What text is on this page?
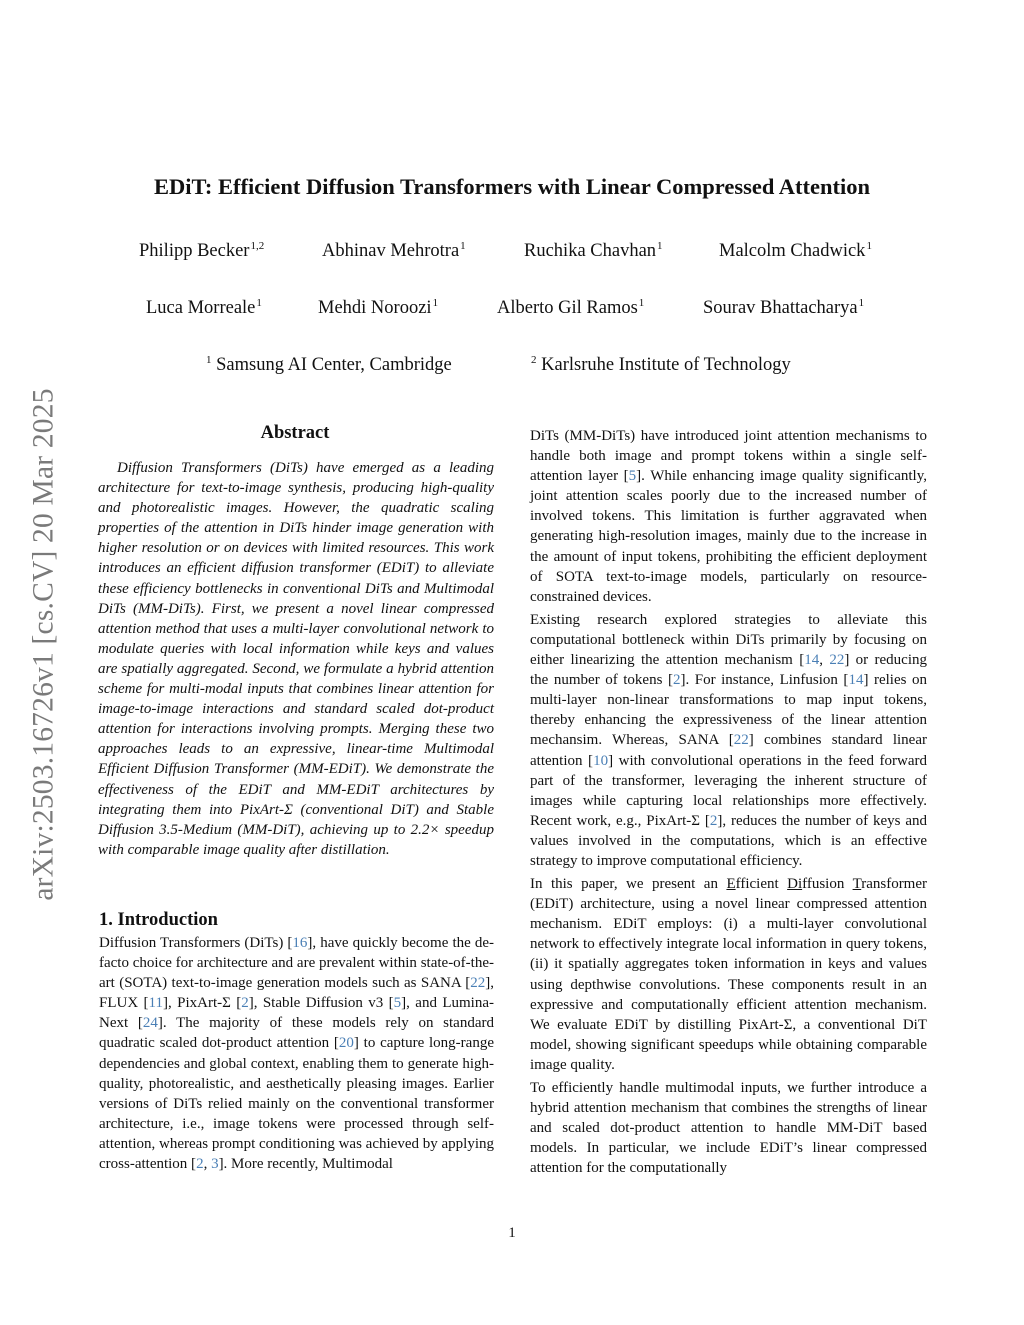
arXiv:2503.16726v1 [cs.CV] 20 Mar 2025
EDiT: Efficient Diffusion Transformers with Linear Compressed Attention
Philipp Becker$^{1,2}$	Abhinav Mehrotra$^1$	Ruchika Chavhan$^1$	Malcolm Chadwick$^1$
Luca Morreale$^1$	Mehdi Noroozi$^1$	Alberto Gil Ramos$^1$	Sourav Bhattacharya$^1$
$^1$ Samsung AI Center, Cambridge	$^2$ Karlsruhe Institute of Technology
Abstract
Diffusion Transformers (DiTs) have emerged as a leading architecture for text-to-image synthesis, producing high-quality and photorealistic images. However, the quadratic scaling properties of the attention in DiTs hinder image generation with higher resolution or on devices with limited resources. This work introduces an efficient diffusion transformer (EDiT) to alleviate these efficiency bottlenecks in conventional DiTs and Multimodal DiTs (MM-DiTs). First, we present a novel linear compressed attention method that uses a multi-layer convolutional network to modulate queries with local information while keys and values are spatially aggregated. Second, we formulate a hybrid attention scheme for multi-modal inputs that combines linear attention for image-to-image interactions and standard scaled dot-product attention for interactions involving prompts. Merging these two approaches leads to an expressive, linear-time Multimodal Efficient Diffusion Transformer (MM-EDiT). We demonstrate the effectiveness of the EDiT and MM-EDiT architectures by integrating them into PixArt-Σ (conventional DiT) and Stable Diffusion 3.5-Medium (MM-DiT), achieving up to 2.2× speedup with comparable image quality after distillation.
1. Introduction

Diffusion Transformers (DiTs) [16], have quickly become the de-facto choice for architecture and are prevalent within state-of-the-art (SOTA) text-to-image generation models such as SANA [22], FLUX [11], PixArt-Σ [2], Stable Diffusion v3 [5], and Lumina-Next [24]. The majority of these models rely on standard quadratic scaled dot-product attention [20] to capture long-range dependencies and global context, enabling them to generate high-quality, photorealistic, and aesthetically pleasing images. Earlier versions of DiTs relied mainly on the conventional transformer architecture, i.e., image tokens were processed through self-attention, whereas prompt conditioning was achieved by applying cross-attention [2, 3]. More recently, Multimodal

DiTs (MM-DiTs) have introduced joint attention mechanisms to handle both image and prompt tokens within a single self-attention layer [5]. While enhancing image quality significantly, joint attention scales poorly due to the increased number of involved tokens. This limitation is further aggravated when generating high-resolution images, mainly due to the increase in the amount of input tokens, prohibiting the efficient deployment of SOTA text-to-image models, particularly on resource-constrained devices.

Existing research explored strategies to alleviate this computational bottleneck within DiTs primarily by focusing on either linearizing the attention mechanism [14, 22] or reducing the number of tokens [2]. For instance, Linfusion [14] relies on multi-layer non-linear transformations to map input tokens, thereby enhancing the expressiveness of the linear attention mechansim. Whereas, SANA [22] combines standard linear attention [10] with convolutional operations in the feed forward part of the transformer, leveraging the inherent structure of images while capturing local relationships more effectively. Recent work, e.g., PixArt-Σ [2], reduces the number of keys and values involved in the computations, which is an effective strategy to improve computational efficiency.

In this paper, we present an Efficient Diffusion Transformer (EDiT) architecture, using a novel linear compressed attention mechanism. EDiT employs: (i) a multi-layer convolutional network to effectively integrate local information in query tokens, (ii) it spatially aggregates token information in keys and values using depthwise convolutions. These components result in an expressive and computationally efficient attention mechanism. We evaluate EDiT by distilling PixArt-Σ, a conventional DiT model, showing significant speedups while obtaining comparable image quality.

To efficiently handle multimodal inputs, we further introduce a hybrid attention mechanism that combines the strengths of linear and scaled dot-product attention to handle MM-DiT based models. In particular, we include EDiT’s linear compressed attention for the computationally

1
